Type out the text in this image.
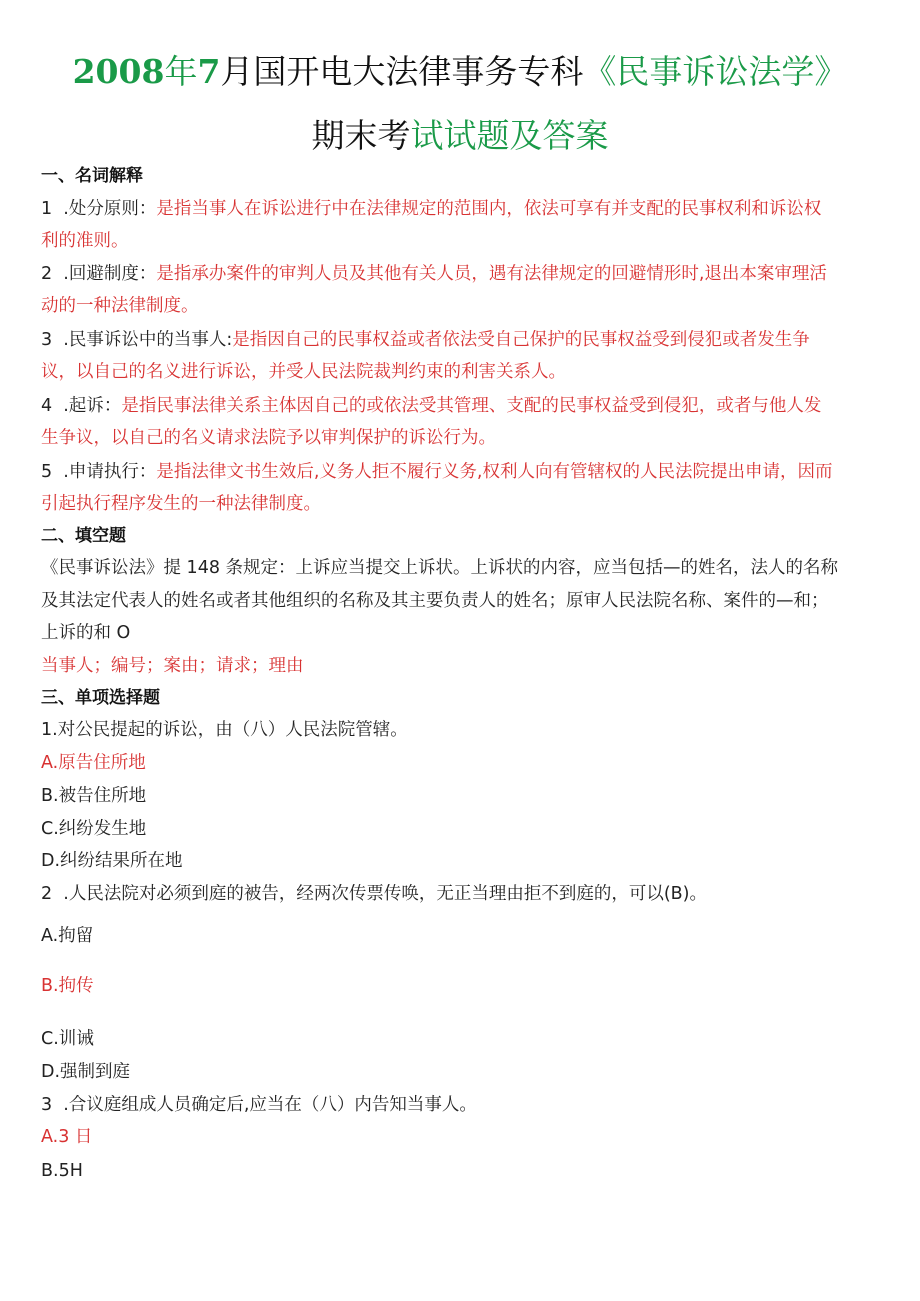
2008年7月国开电大法律事务专科《民事诉讼法学》
期末考试试题及答案
一、名词解释
1  .处分原则：是指当事人在诉讼进行中在法律规定的范围内，依法可享有并支配的民事权利和诉讼权
利的准则。
2  .回避制度：是指承办案件的审判人员及其他有关人员，遇有法律规定的回避情形时,退出本案审理活
动的一种法律制度。
3  .民事诉讼中的当事人:是指因自己的民事权益或者依法受自己保护的民事权益受到侵犯或者发生争
议，以自己的名义进行诉讼，并受人民法院裁判约束的利害关系人。
4  .起诉：是指民事法律关系主体因自己的或依法受其管理、支配的民事权益受到侵犯，或者与他人发
生争议，以自己的名义请求法院予以审判保护的诉讼行为。
5  .申请执行：是指法律文书生效后,义务人拒不履行义务,权利人向有管辖权的人民法院提出申请，因而
引起执行程序发生的一种法律制度。
二、填空题
《民事诉讼法》提 148 条规定：上诉应当提交上诉状。上诉状的内容，应当包括—的姓名，法人的名称
及其法定代表人的姓名或者其他组织的名称及其主要负责人的姓名；原审人民法院名称、案件的—和；
上诉的和 O
当事人；编号；案由；请求；理由
三、单项选择题
1.对公民提起的诉讼，由（八）人民法院管辖。
A.原告住所地
B.被告住所地
C.纠纷发生地
D.纠纷结果所在地
2  .人民法院对必须到庭的被告，经两次传票传唤，无正当理由拒不到庭的，可以(B)。
A.拘留
B.拘传
C.训诫
D.强制到庭
3  .合议庭组成人员确定后,应当在（八）内告知当事人。
A.3 日
B.5H
